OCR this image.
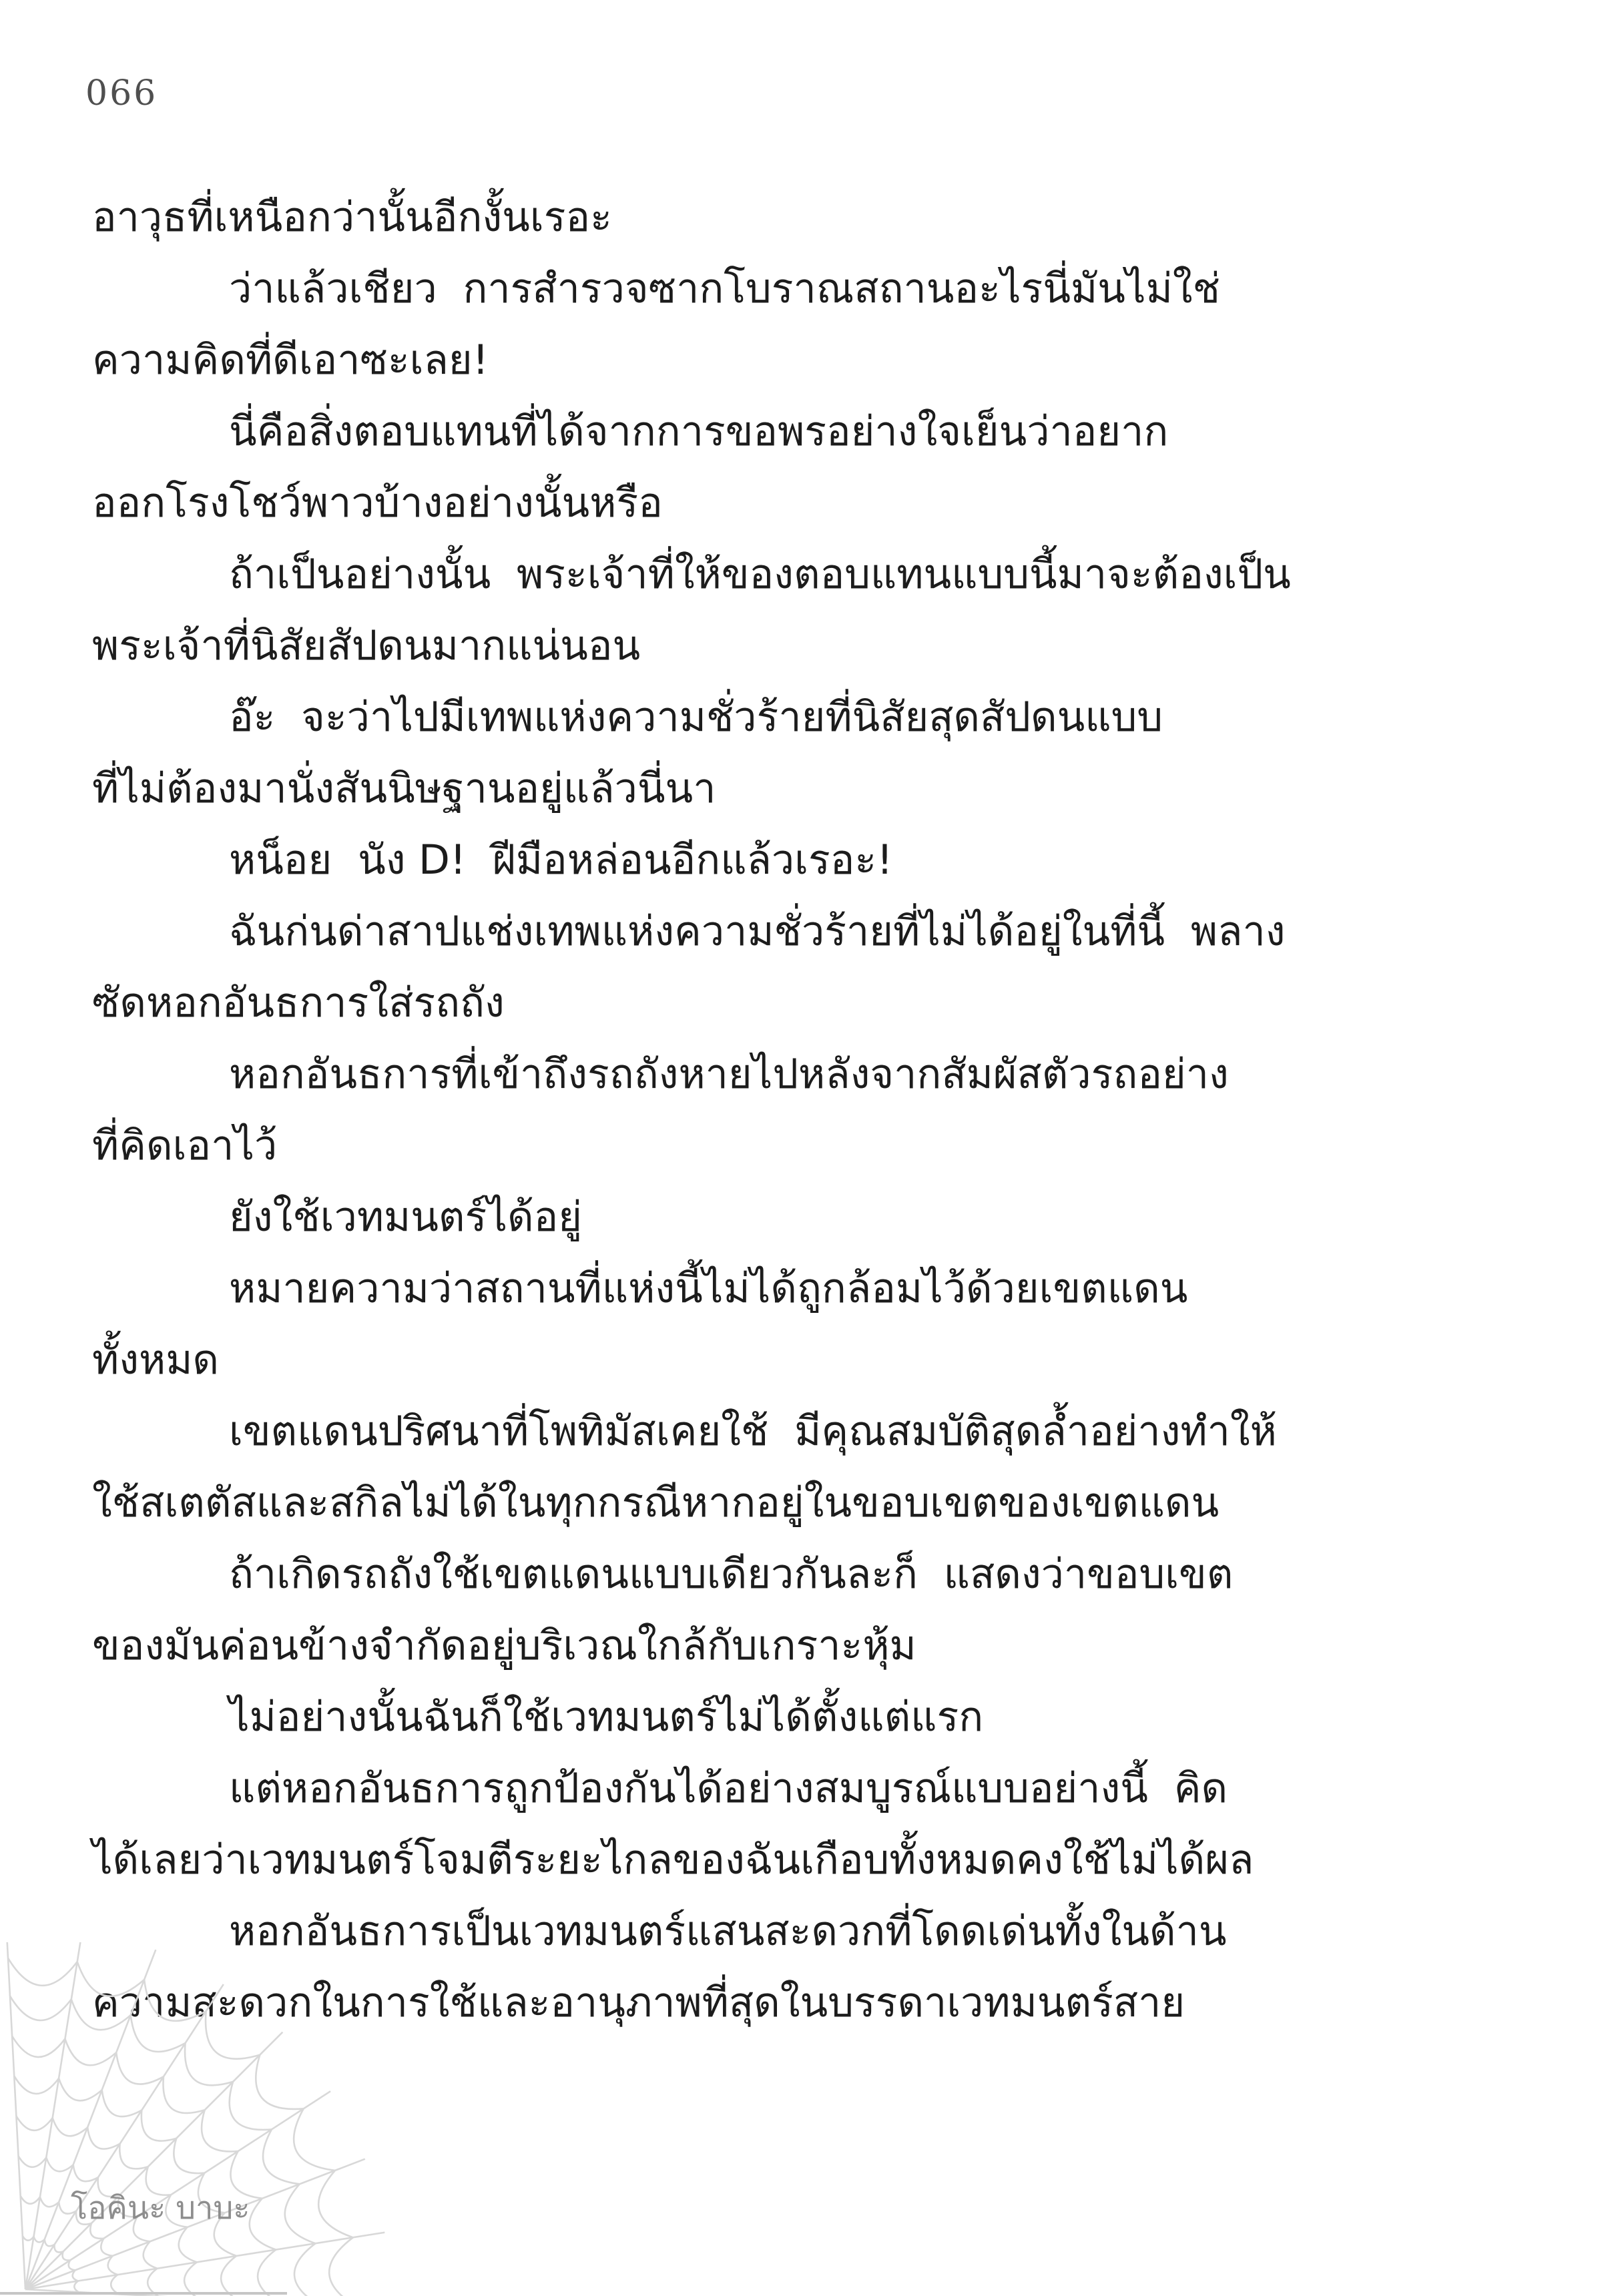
066
อาวุธที่เหนือกว่านั้นอีกงั้นเรอะ
ว่าแล้วเชียว  การสำรวจซากโบราณสถานอะไรนี่มันไม่ใช่
ความคิดที่ดีเอาซะเลย!
นี่คือสิ่งตอบแทนที่ได้จากการขอพรอย่างใจเย็นว่าอยาก
ออกโรงโชว์พาวบ้างอย่างนั้นหรือ
ถ้าเป็นอย่างนั้น  พระเจ้าที่ให้ของตอบแทนแบบนี้มาจะต้องเป็น
พระเจ้าที่นิสัยสัปดนมากแน่นอน
อ๊ะ  จะว่าไปมีเทพแห่งความชั่วร้ายที่นิสัยสุดสัปดนแบบ
ที่ไม่ต้องมานั่งสันนิษฐานอยู่แล้วนี่นา
หน็อย  นัง D!  ฝีมือหล่อนอีกแล้วเรอะ!
ฉันก่นด่าสาปแช่งเทพแห่งความชั่วร้ายที่ไม่ได้อยู่ในที่นี้  พลาง
ซัดหอกอันธการใส่รถถัง
หอกอันธการที่เข้าถึงรถถังหายไปหลังจากสัมผัสตัวรถอย่าง
ที่คิดเอาไว้
ยังใช้เวทมนตร์ได้อยู่
หมายความว่าสถานที่แห่งนี้ไม่ได้ถูกล้อมไว้ด้วยเขตแดน
ทั้งหมด
เขตแดนปริศนาที่โพทิมัสเคยใช้  มีคุณสมบัติสุดล้ำอย่างทำให้
ใช้สเตตัสและสกิลไม่ได้ในทุกกรณีหากอยู่ในขอบเขตของเขตแดน
ถ้าเกิดรถถังใช้เขตแดนแบบเดียวกันละก็  แสดงว่าขอบเขต
ของมันค่อนข้างจำกัดอยู่บริเวณใกล้กับเกราะหุ้ม
ไม่อย่างนั้นฉันก็ใช้เวทมนตร์ไม่ได้ตั้งแต่แรก
แต่หอกอันธการถูกป้องกันได้อย่างสมบูรณ์แบบอย่างนี้  คิด
ได้เลยว่าเวทมนตร์โจมตีระยะไกลของฉันเกือบทั้งหมดคงใช้ไม่ได้ผล
หอกอันธการเป็นเวทมนตร์แสนสะดวกที่โดดเด่นทั้งในด้าน
ความสะดวกในการใช้และอานุภาพที่สุดในบรรดาเวทมนตร์สาย
โอคินะ บาบะ
